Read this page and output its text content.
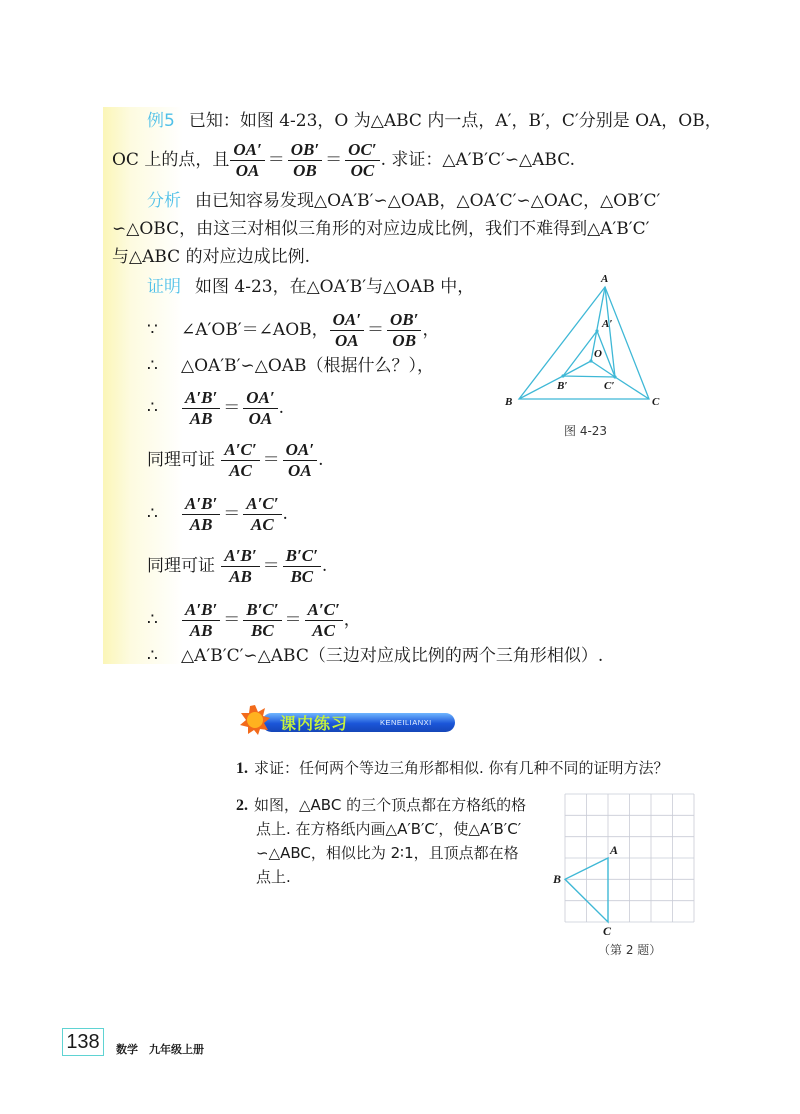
例5 已知：如图 4-23，O 为△ABC 内一点，A′，B′，C′分别是 OA，OB，
OC 上的点，且 $\frac{OA'}{OA} = \frac{OB'}{OB} = \frac{OC'}{OC}$ . 求证：△A′B′C′∽△ABC.
分析 由已知容易发现△OA′B′∽△OAB，△OA′C′∽△OAC，△OB′C′
∽△OBC，由这三对相似三角形的对应边成比例，我们不难得到△A′B′C′
与△ABC 的对应边成比例.
证明 如图 4-23，在△OA′B′与△OAB 中，
∵ ∠A′OB′＝∠AOB， $\frac{OA'}{OA} = \frac{OB'}{OB}$ ，
∴ △OA′B′∽△OAB（根据什么？），
∴ $\frac{A'B'}{AB} = \frac{OA'}{OA}$ .
同理可证 $\frac{A'C'}{AC} = \frac{OA'}{OA}$ .
∴ $\frac{A'B'}{AB} = \frac{A'C'}{AC}$ .
同理可证 $\frac{A'B'}{AB} = \frac{B'C'}{BC}$ .
∴ $\frac{A'B'}{AB} = \frac{B'C'}{BC} = \frac{A'C'}{AC}$ ，
∴ △A′B′C′∽△ABC（三边对应成比例的两个三角形相似）.
A
B	C
A′
O
B′	C′
图 4-23
课内练习	KENEILIANXI
1. 求证：任何两个等边三角形都相似. 你有几种不同的证明方法？
2. 如图，△ABC 的三个顶点都在方格纸的格
点上. 在方格纸内画△A′B′C′，使△A′B′C′
∽△ABC，相似比为 2∶1，且顶点都在格
点上.
A
B
C
（第 2 题）
138	数学　九年级上册
